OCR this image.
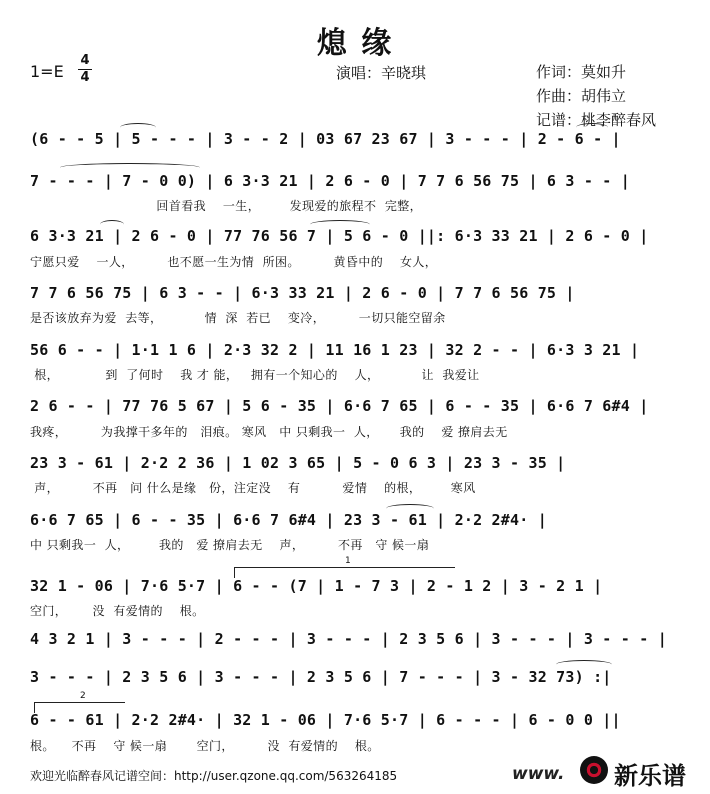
熄 缘
1=E
4
4	演唱：辛晓琪	作词：莫如升
作曲：胡伟立
记谱：桃李醉春风
(6 - - 5 | 5 - - - | 3 - - 2 | 03 67 23 67 | 3 - - - | 2 - 6 - |
7 - - - | 7 - 0 0) | 6 3·3 21 | 2 6 - 0 | 7 7 6 56 75 | 6 3 - - |
回首看我    一生，       发现爱的旅程不  完整，
6 3·3 21 | 2 6 - 0 | 77 76 56 7 | 5 6 - 0 ||: 6·3 33 21 | 2 6 - 0 |
宁愿只爱    一人，        也不愿一生为情  所困。        黄昏中的    女人，
7 7 6 56 75 | 6 3 - - | 6·3 33 21 | 2 6 - 0 | 7 7 6 56 75 |
是否该放弃为爱  去等，          情  深  若已    变冷，        一切只能空留余
56 6 - - | 1·1 1 6 | 2·3 32 2 | 11 16 1 23 | 32 2 - - | 6·3 3 21 |
根，           到  了何时    我 才 能，   拥有一个知心的    人，          让  我爱让
2 6 - - | 77 76 5 67 | 5 6 - 35 | 6·6 7 65 | 6 - - 35 | 6·6 7 6#4 |
我疼，        为我撑干多年的   泪痕。 寒风   中 只剩我一  人，     我的    爱 撩肩去无
23 3 - 61 | 2·2 2 36 | 1 02 3 65 | 5 - 0 6 3 | 23 3 - 35 |
声，        不再   问 什么是缘   份，注定没    有          爱情    的根，       寒风
6·6 7 65 | 6 - - 35 | 6·6 7 6#4 | 23 3 - 61 | 2·2 2#4· |
中 只剩我一  人，       我的   爱 撩肩去无    声，        不再   守 候一扇
32 1 - 06 | 7·6 5·7 | 6 - - (7 | 1 - 7 3 | 2 - 1 2 | 3 - 2 1 |
空门，      没  有爱情的    根。
4 3 2 1 | 3 - - - | 2 - - - | 3 - - - | 2 3 5 6 | 3 - - - | 3 - - - |
3 - - - | 2 3 5 6 | 3 - - - | 2 3 5 6 | 7 - - - | 3 - 32 73) :|
6 - - 61 | 2·2 2#4· | 32 1 - 06 | 7·6 5·7 | 6 - - - | 6 - 0 0 ||
根。    不再    守 候一扇       空门，        没  有爱情的    根。
1
2
欢迎光临醉春风记谱空间：http://user.qzone.qq.com/563264185	www. 新乐谱
